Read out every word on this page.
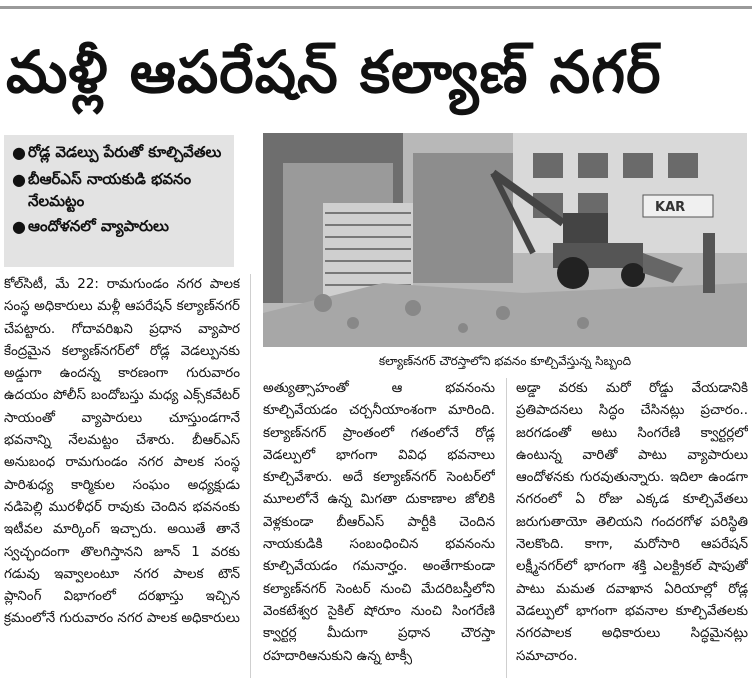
మళ్లీ ఆపరేషన్ కల్యాణ్ నగర్
● రోడ్ల వెడల్పు పేరుతో కూల్చివేతలు
● బీఆర్ఎస్ నాయకుడి భవనం నేలమట్టం
● ఆందోళనలో వ్యాపారులు
KAR
కల్యాణ్‌నగర్ చౌరస్తాలోని భవనం కూల్చివేస్తున్న సిబ్బంది
కోల్‌సిటీ, మే 22: రామగుండం నగర పాలక సంస్థ అధికారులు మళ్లీ ఆపరేషన్ కల్యాణ్‌నగర్ చేపట్టారు. గోదావరిఖని ప్రధాన వ్యాపార కేంద్రమైన కల్యాణ్‌నగర్‌లో రోడ్ల వెడల్పునకు అడ్డుగా ఉందన్న కారణంగా గురువారం ఉదయం పోలీస్ బందోబస్తు మధ్య ఎక్స్‌కవేటర్ సాయంతో వ్యాపారులు చూస్తుండగానే భవనాన్ని నేలమట్టం చేశారు. బీఆర్ఎస్ అనుబంధ రామగుండం నగర పాలక సంస్థ పారిశుధ్య కార్మికుల సంఘం అధ్యక్షుడు నడిపెల్లి మురళీధర్ రావుకు చెందిన భవనంకు ఇటీవల మార్కింగ్ ఇచ్చారు. అయితే తానే స్వచ్ఛందంగా తొలగిస్తానని జూన్ 1 వరకు గడువు ఇవ్వాలంటూ నగర పాలక టౌన్ ప్లానింగ్ విభాగంలో దరఖాస్తు ఇచ్చిన క్రమంలోనే గురువారం నగర పాలక అధికారులు
అత్యుత్సాహంతో ఆ భవనంను కూల్చివేయడం చర్చనీయాంశంగా మారింది. కల్యాణ్‌నగర్ ప్రాంతంలో గతంలోనే రోడ్ల వెడల్పులో భాగంగా వివిధ భవనాలు కూల్చివేశారు. అదే కల్యాణ్‌నగర్ సెంటర్‌లో మూలలోనే ఉన్న మిగతా దుకాణాల జోలికి వెళ్లకుండా బీఆర్ఎస్ పార్టీకి చెందిన నాయకుడికి సంబంధించిన భవనంను కూల్చివేయడం గమనార్హం. అంతేగాకుండా కల్యాణ్‌నగర్ సెంటర్ నుంచి మేదరిబస్తీలోని వెంకటేశ్వర సైకిల్ షోరూం నుంచి సింగరేణి క్వార్టర్ల మీదుగా ప్రధాన చౌరస్తా రహదారిఆనుకుని ఉన్న టాక్సీ
అడ్డా వరకు మరో రోడ్డు వేయడానికి ప్రతిపాదనలు సిద్ధం చేసినట్లు ప్రచారం.. జరగడంతో అటు సింగరేణి క్వార్టర్లలో ఉంటున్న వారితో పాటు వ్యాపారులు ఆందోళనకు గురవుతున్నారు. ఇదిలా ఉండగా నగరంలో ఏ రోజు ఎక్కడ కూల్చివేతలు జరుగుతాయో తెలియని గందరగోళ పరిస్థితి నెలకొంది. కాగా, మరోసారి ఆపరేషన్ లక్ష్మీనగర్‌లో భాగంగా శక్తి ఎలక్ట్రికల్ షాపుతో పాటు మమత దవాఖాన ఏరియాల్లో రోడ్ల వెడల్పులో భాగంగా భవనాల కూల్చివేతలకు నగరపాలక అధికారులు సిద్ధమైనట్లు సమాచారం.
